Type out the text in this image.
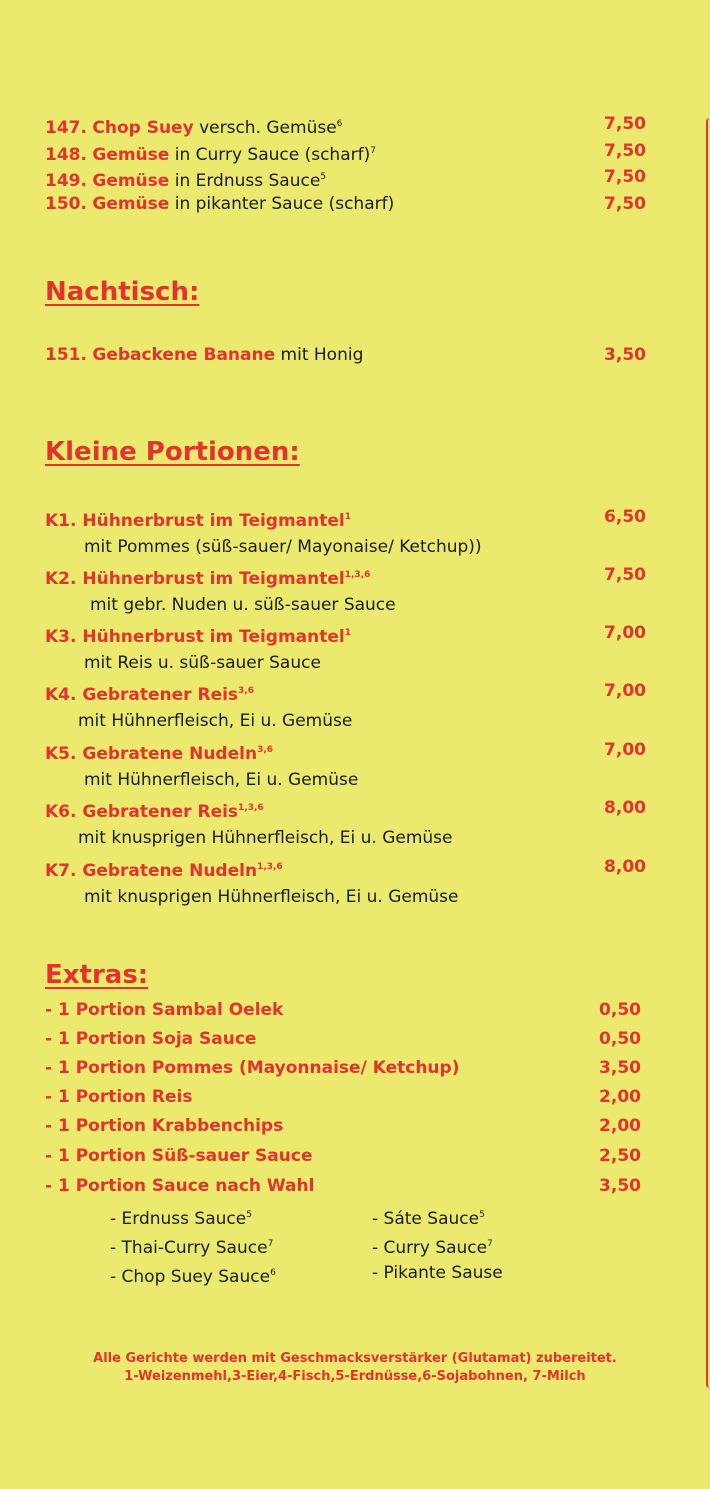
147. Chop Suey versch. Gemüse$^6$	7,50
148. Gemüse in Curry Sauce (scharf)$^7$	7,50
149. Gemüse in Erdnuss Sauce$^5$	7,50
150. Gemüse in pikanter Sauce (scharf)	7,50
Nachtisch:
151. Gebackene Banane mit Honig	3,50
Kleine Portionen:
K1. Hühnerbrust im Teigmantel$^1$	6,50
mit Pommes (süß-sauer/ Mayonaise/ Ketchup))
K2. Hühnerbrust im Teigmantel$^{1,3,6}$	7,50
mit gebr. Nuden u. süß-sauer Sauce
K3. Hühnerbrust im Teigmantel$^1$	7,00
mit Reis u. süß-sauer Sauce
K4. Gebratener Reis$^{3,6}$	7,00
mit Hühnerfleisch, Ei u. Gemüse
K5. Gebratene Nudeln$^{3,6}$	7,00
mit Hühnerfleisch, Ei u. Gemüse
K6. Gebratener Reis$^{1,3,6}$	8,00
mit knusprigen Hühnerfleisch, Ei u. Gemüse
K7. Gebratene Nudeln$^{1,3,6}$	8,00
mit knusprigen Hühnerfleisch, Ei u. Gemüse
Extras:
- 1 Portion Sambal Oelek	0,50
- 1 Portion Soja Sauce	0,50
- 1 Portion Pommes (Mayonnaise/ Ketchup)	3,50
- 1 Portion Reis	2,00
- 1 Portion Krabbenchips	2,00
- 1 Portion Süß-sauer Sauce	2,50
- 1 Portion Sauce nach Wahl	3,50
- Erdnuss Sauce$^5$
- Thai-Curry Sauce$^7$
- Chop Suey Sauce$^6$
- Sáte Sauce$^5$
- Curry Sauce$^7$
- Pikante Sause
Alle Gerichte werden mit Geschmacksverstärker (Glutamat) zubereitet.
1-Weizenmehl,3-Eier,4-Fisch,5-Erdnüsse,6-Sojabohnen, 7-Milch
